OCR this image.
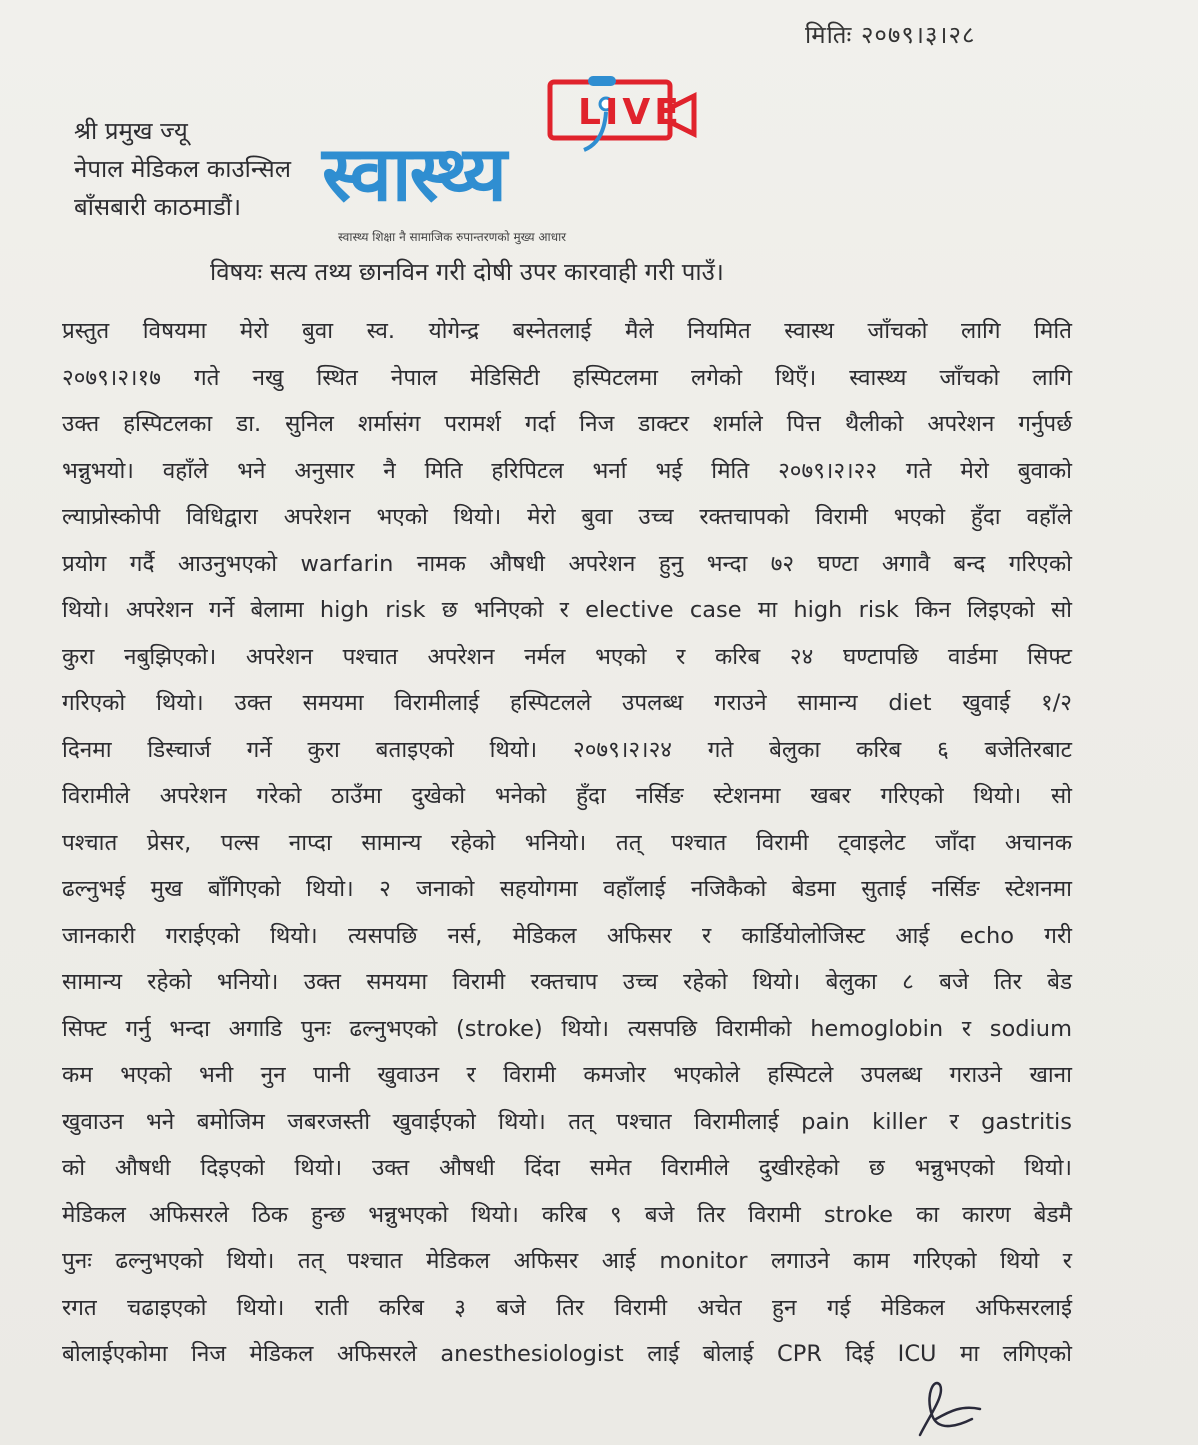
मितिः २०७९।३।२८
श्री प्रमुख ज्यू
नेपाल मेडिकल काउन्सिल
बाँसबारी काठमाडौं।	स्वास्थ्य
LIVE
स्वास्थ्य शिक्षा नै सामाजिक रुपान्तरणको मुख्य आधार
विषयः सत्य तथ्य छानविन गरी दोषी उपर कारवाही गरी पाउँ।
प्रस्तुत विषयमा मेरो बुवा स्व. योगेन्द्र बस्नेतलाई मैले नियमित स्वास्थ जाँचको लागि मिति
२०७९।२।१७ गते नखु स्थित नेपाल मेडिसिटी हस्पिटलमा लगेको थिएँ। स्वास्थ्य जाँचको लागि
उक्त हस्पिटलका डा. सुनिल शर्मासंग परामर्श गर्दा निज डाक्टर शर्माले पित्त थैलीको अपरेशन गर्नुपर्छ
भन्नुभयो। वहाँले भने अनुसार नै मिति हरिपिटल भर्ना भई मिति २०७९।२।२२ गते मेरो बुवाको
ल्याप्रोस्कोपी विधिद्वारा अपरेशन भएको थियो। मेरो बुवा उच्च रक्तचापको विरामी भएको हुँदा वहाँले
प्रयोग गर्दै आउनुभएको warfarin नामक औषधी अपरेशन हुनु भन्दा ७२ घण्टा अगावै बन्द गरिएको
थियो। अपरेशन गर्ने बेलामा high risk छ भनिएको र elective case मा high risk किन लिइएको सो
कुरा नबुझिएको। अपरेशन पश्चात अपरेशन नर्मल भएको र करिब २४ घण्टापछि वार्डमा सिफ्ट
गरिएको थियो। उक्त समयमा विरामीलाई हस्पिटलले उपलब्ध गराउने सामान्य diet खुवाई १/२
दिनमा डिस्चार्ज गर्ने कुरा बताइएको थियो। २०७९।२।२४ गते बेलुका करिब ६ बजेतिरबाट
विरामीले अपरेशन गरेको ठाउँमा दुखेको भनेको हुँदा नर्सिङ स्टेशनमा खबर गरिएको थियो। सो
पश्चात प्रेसर, पल्स नाप्दा सामान्य रहेको भनियो। तत् पश्चात विरामी ट्वाइलेट जाँदा अचानक
ढल्नुभई मुख बाँगिएको थियो। २ जनाको सहयोगमा वहाँलाई नजिकैको बेडमा सुताई नर्सिङ स्टेशनमा
जानकारी गराईएको थियो। त्यसपछि नर्स, मेडिकल अफिसर र कार्डियोलोजिस्ट आई echo गरी
सामान्य रहेको भनियो। उक्त समयमा विरामी रक्तचाप उच्च रहेको थियो। बेलुका ८ बजे तिर बेड
सिफ्ट गर्नु भन्दा अगाडि पुनः ढल्नुभएको (stroke) थियो। त्यसपछि विरामीको hemoglobin र sodium
कम भएको भनी नुन पानी खुवाउन र विरामी कमजोर भएकोले हस्पिटले उपलब्ध गराउने खाना
खुवाउन भने बमोजिम जबरजस्ती खुवाईएको थियो। तत् पश्चात विरामीलाई pain killer र gastritis
को औषधी दिइएको थियो। उक्त औषधी दिंदा समेत विरामीले दुखीरहेको छ भन्नुभएको थियो।
मेडिकल अफिसरले ठिक हुन्छ भन्नुभएको थियो। करिब ९ बजे तिर विरामी stroke का कारण बेडमै
पुनः ढल्नुभएको थियो। तत् पश्चात मेडिकल अफिसर आई monitor लगाउने काम गरिएको थियो र
रगत चढाइएको थियो। राती करिब ३ बजे तिर विरामी अचेत हुन गई मेडिकल अफिसरलाई
बोलाईएकोमा निज मेडिकल अफिसरले anesthesiologist लाई बोलाई CPR दिई ICU मा लगिएको
